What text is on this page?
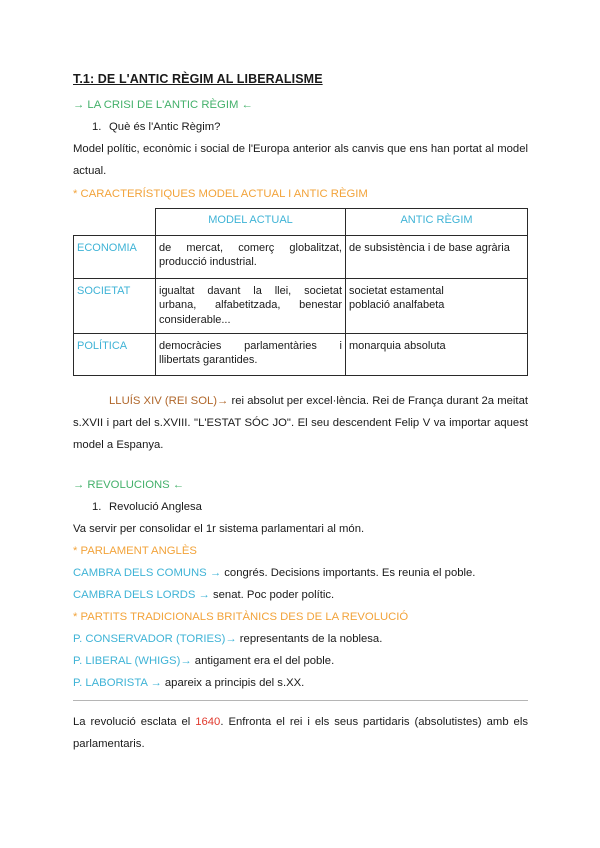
T.1: DE L'ANTIC RÈGIM AL LIBERALISME
→ LA CRISI DE L'ANTIC RÈGIM ←
1. Què és l'Antic Règim?

Model polític, econòmic i social de l'Europa anterior als canvis que ens han portat al model actual.

* CARACTERÍSTIQUES MODEL ACTUAL I ANTIC RÈGIM
	MODEL ACTUAL	ANTIC RÈGIM
ECONOMIA	de mercat, comerç globalitzat, producció industrial.	de subsistència i de base agrària
SOCIETAT	igualtat davant la llei, societat urbana, alfabetitzada, benestar considerable...	societat estamental
població analfabeta
POLÍTICA	democràcies parlamentàries i llibertats garantides.	monarquia absoluta

LLUÍS XIV (REI SOL)→ rei absolut per excel·lència. Rei de França durant 2a meitat s.XVII i part del s.XVIII. "L'ESTAT SÓC JO". El seu descendent Felip V va importar aquest model a Espanya.

→ REVOLUCIONS ←
1. Revolució Anglesa
Va servir per consolidar el 1r sistema parlamentari al món.
* PARLAMENT ANGLÈS
CAMBRA DELS COMUNS → congrés. Decisions importants. Es reunia el poble.
CAMBRA DELS LORDS → senat. Poc poder polític.
* PARTITS TRADICIONALS BRITÀNICS DES DE LA REVOLUCIÓ
P. CONSERVADOR (TORIES)→ representants de la noblesa.
P. LIBERAL (WHIGS)→ antigament era el del poble.
P. LABORISTA → apareix a principis del s.XX.

La revolució esclata el 1640. Enfronta el rei i els seus partidaris (absolutistes) amb els parlamentaris.
